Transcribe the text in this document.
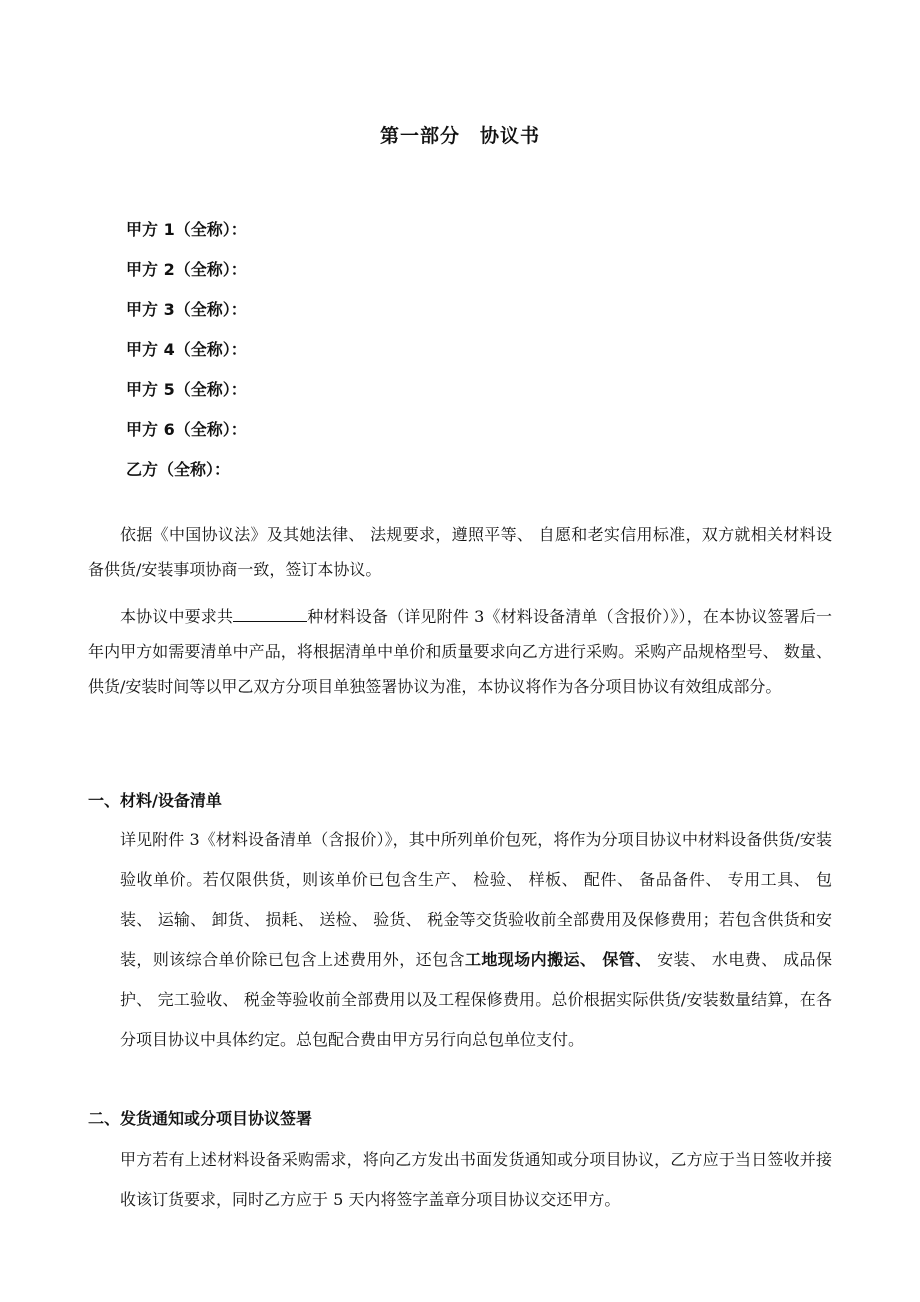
第一部分　协议书
甲方 1（全称）：
甲方 2（全称）：
甲方 3（全称）：
甲方 4（全称）：
甲方 5（全称）：
甲方 6（全称）：
乙方（全称）：

依据《中国协议法》及其她法律、 法规要求，遵照平等、 自愿和老实信用标准，双方就相关材料设备供货/安装事项协商一致，签订本协议。

本协议中要求共	种材料设备（详见附件 3《材料设备清单（含报价）》），在本协议签署后一年内甲方如需要清单中产品，将根据清单中单价和质量要求向乙方进行采购。采购产品规格型号、 数量、 供货/安装时间等以甲乙双方分项目单独签署协议为准，本协议将作为各分项目协议有效组成部分。

一、材料/设备清单

详见附件 3《材料设备清单（含报价）》，其中所列单价包死，将作为分项目协议中材料设备供货/安装验收单价。若仅限供货，则该单价已包含生产、 检验、 样板、 配件、 备品备件、 专用工具、 包装、 运输、 卸货、 损耗、 送检、 验货、 税金等交货验收前全部费用及保修费用；若包含供货和安装，则该综合单价除已包含上述费用外，还包含工地现场内搬运、 保管、 安装、 水电费、 成品保护、 完工验收、 税金等验收前全部费用以及工程保修费用。总价根据实际供货/安装数量结算，在各分项目协议中具体约定。总包配合费由甲方另行向总包单位支付。

二、发货通知或分项目协议签署

甲方若有上述材料设备采购需求，将向乙方发出书面发货通知或分项目协议，乙方应于当日签收并接收该订货要求，同时乙方应于 5 天内将签字盖章分项目协议交还甲方。
